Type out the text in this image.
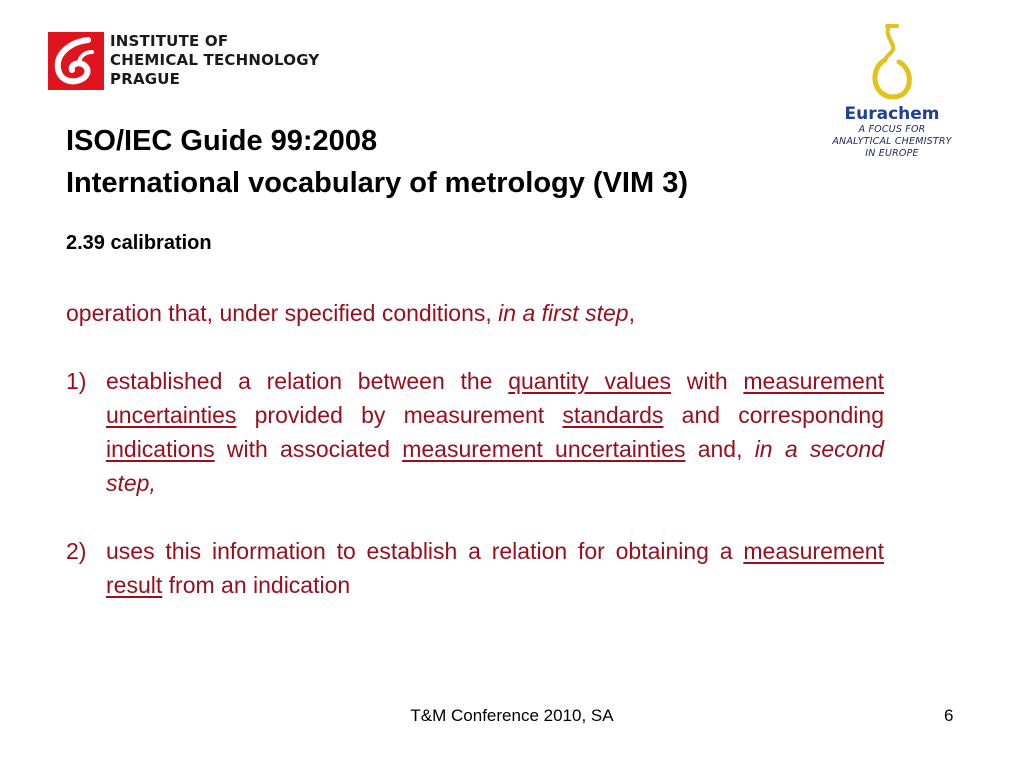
INSTITUTE OF
CHEMICAL TECHNOLOGY
PRAGUE

Eurachem
A FOCUS FOR
ANALYTICAL CHEMISTRY
IN EUROPE
ISO/IEC Guide 99:2008
International vocabulary of metrology (VIM 3)
2.39 calibration

operation that, under specified conditions, in a first step,

1) established a relation between the quantity values with measurement uncertainties provided by measurement standards and corresponding indications with associated measurement uncertainties and, in a second step,
2) uses this information to establish a relation for obtaining a measurement result from an indication
T&M Conference 2010, SA	6
